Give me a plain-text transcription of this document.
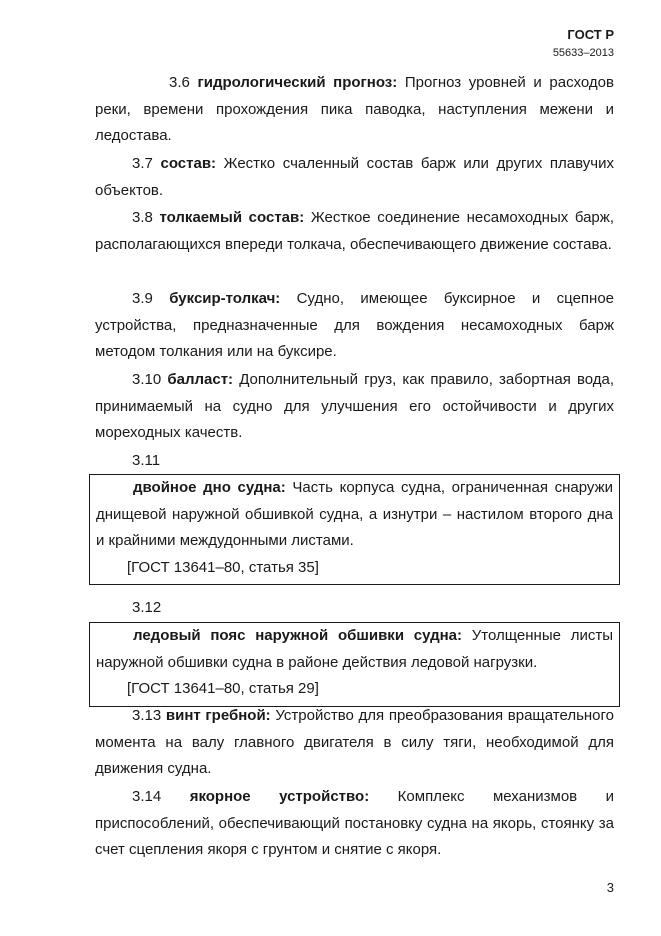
ГОСТ Р
55633–2013
3.6 гидрологический прогноз: Прогноз уровней и расходов реки, времени прохождения пика паводка, наступления межени и ледостава.
3.7 состав: Жестко счаленный состав барж или других плавучих объектов.
3.8 толкаемый состав: Жесткое соединение несамоходных барж, располагающихся впереди толкача, обеспечивающего движение состава.
3.9 буксир-толкач: Судно, имеющее буксирное и сцепное устройства, предназначенные для вождения несамоходных барж методом толкания или на буксире.
3.10 балласт: Дополнительный груз, как правило, забортная вода, принимаемый на судно для улучшения его остойчивости и других мореходных качеств.
3.11
двойное дно судна: Часть корпуса судна, ограниченная снаружи днищевой наружной обшивкой судна, а изнутри – настилом второго дна и крайними междудонными листами.
[ГОСТ 13641–80, статья 35]
3.12
ледовый пояс наружной обшивки судна: Утолщенные листы наружной обшивки судна в районе действия ледовой нагрузки.
[ГОСТ 13641–80, статья 29]
3.13 винт гребной: Устройство для преобразования вращательного момента на валу главного двигателя в силу тяги, необходимой для движения судна.
3.14 якорное устройство: Комплекс механизмов и приспособлений, обеспечивающий постановку судна на якорь, стоянку за счет сцепления якоря с грунтом и снятие с якоря.
3
